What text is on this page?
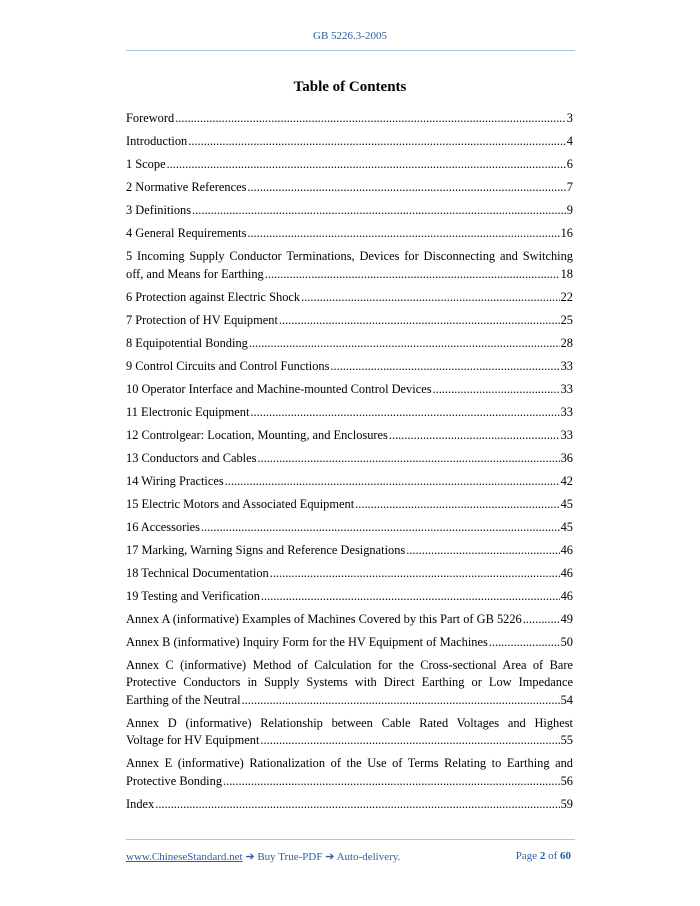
GB 5226.3-2005
Table of Contents
Foreword .....	3
Introduction .....	4
1 Scope .....	6
2 Normative References .....	7
3 Definitions .....	9
4 General Requirements .....	16
5 Incoming Supply Conductor Terminations, Devices for Disconnecting and Switching
off, and Means for Earthing .....	18
6 Protection against Electric Shock .....	22
7 Protection of HV Equipment .....	25
8 Equipotential Bonding .....	28
9 Control Circuits and Control Functions .....	33
10 Operator Interface and Machine-mounted Control Devices .....	33
11 Electronic Equipment .....	33
12 Controlgear: Location, Mounting, and Enclosures .....	33
13 Conductors and Cables .....	36
14 Wiring Practices .....	42
15 Electric Motors and Associated Equipment .....	45
16 Accessories .....	45
17 Marking, Warning Signs and Reference Designations .....	46
18 Technical Documentation .....	46
19 Testing and Verification .....	46
Annex A (informative) Examples of Machines Covered by this Part of GB 5226 .....	49
Annex B (informative) Inquiry Form for the HV Equipment of Machines .....	50
Annex C (informative) Method of Calculation for the Cross-sectional Area of Bare
Protective Conductors in Supply Systems with Direct Earthing or Low Impedance
Earthing of the Neutral .....	54
Annex D (informative) Relationship between Cable Rated Voltages and Highest
Voltage for HV Equipment .....	55
Annex E (informative) Rationalization of the Use of Terms Relating to Earthing and
Protective Bonding .....	56
Index .....	59
www.ChineseStandard.net ➔ Buy True-PDF ➔ Auto-delivery.	Page 2 of 60
